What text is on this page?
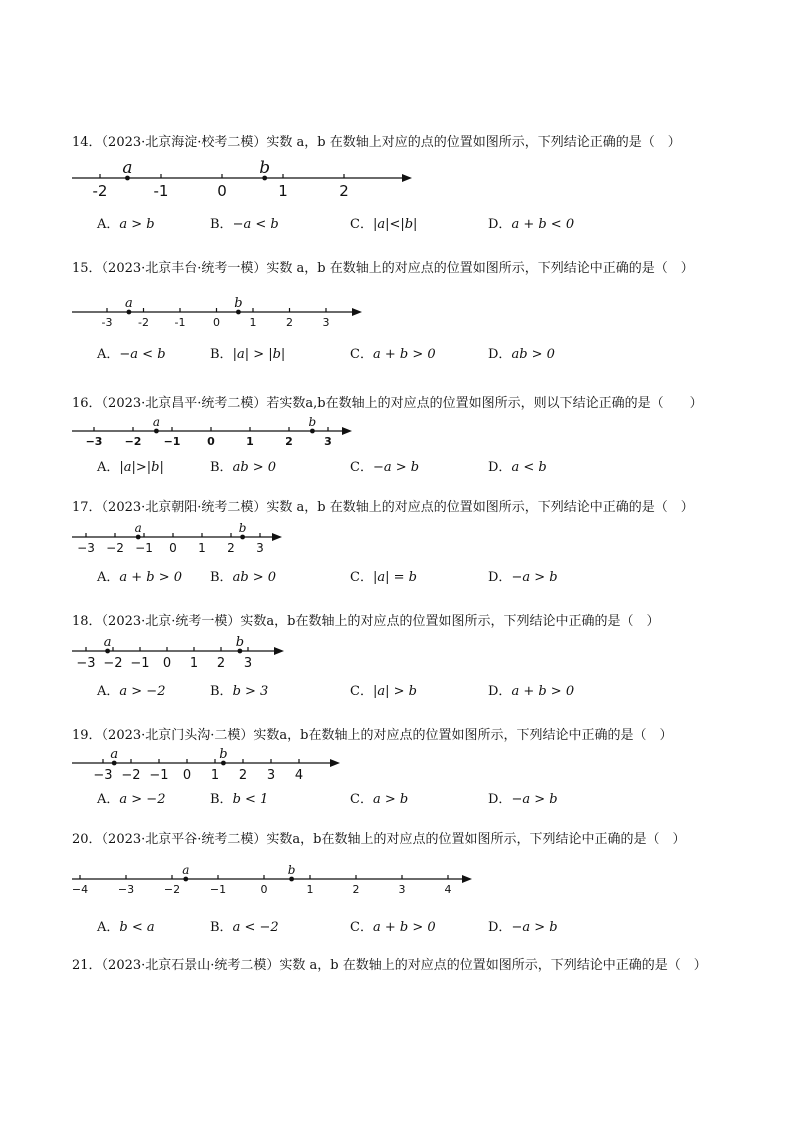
14．（2023·北京海淀·校考二模）实数 a，b 在数轴上对应的点的位置如图所示，下列结论正确的是（　）
-2	-1	0	1	2
a	b
A．a > b	B．−a < b	C．|a|<|b|	D．a + b < 0
15．（2023·北京丰台·统考一模）实数 a，b 在数轴上的对应点的位置如图所示，下列结论中正确的是（　）
-3 -2 -1	0	1	2	3
a	b
A．−a < b	B．|a| > |b|	C．a + b > 0	D．ab > 0
16．（2023·北京昌平·统考二模）若实数a,b在数轴上的对应点的位置如图所示，则以下结论正确的是（　　）
−3 −2 −1 0	1	2	3
a	b
A．|a|>|b|	B．ab > 0	C．−a > b	D．a < b
17．（2023·北京朝阳·统考二模）实数 a，b 在数轴上的对应点的位置如图所示，下列结论中正确的是（　）
−3 −2 −1 0 1 2 3
a	b
A．a + b > 0 B．ab > 0	C．|a| = b	D．−a > b
18．（2023·北京·统考一模）实数a，b在数轴上的对应点的位置如图所示，下列结论中正确的是（　）
−3 −2 −1 0 1 2 3
a	b
A．a > −2	B．b > 3	C．|a| > b	D．a + b > 0
19．（2023·北京门头沟·二模）实数a，b在数轴上的对应点的位置如图所示，下列结论中正确的是（　）
−3 −2 −1 0 1 2 3 4
a	b
A．a > −2	B．b < 1	C．a > b	D．−a > b
20．（2023·北京平谷·统考二模）实数a，b在数轴上的对应点的位置如图所示，下列结论中正确的是（　）
−4	−3	−2	−1	0	1	2	3	4
a	b
A．b < a	B．a < −2	C．a + b > 0	D．−a > b
21．（2023·北京石景山·统考二模）实数 a，b 在数轴上的对应点的位置如图所示，下列结论中正确的是（　）
